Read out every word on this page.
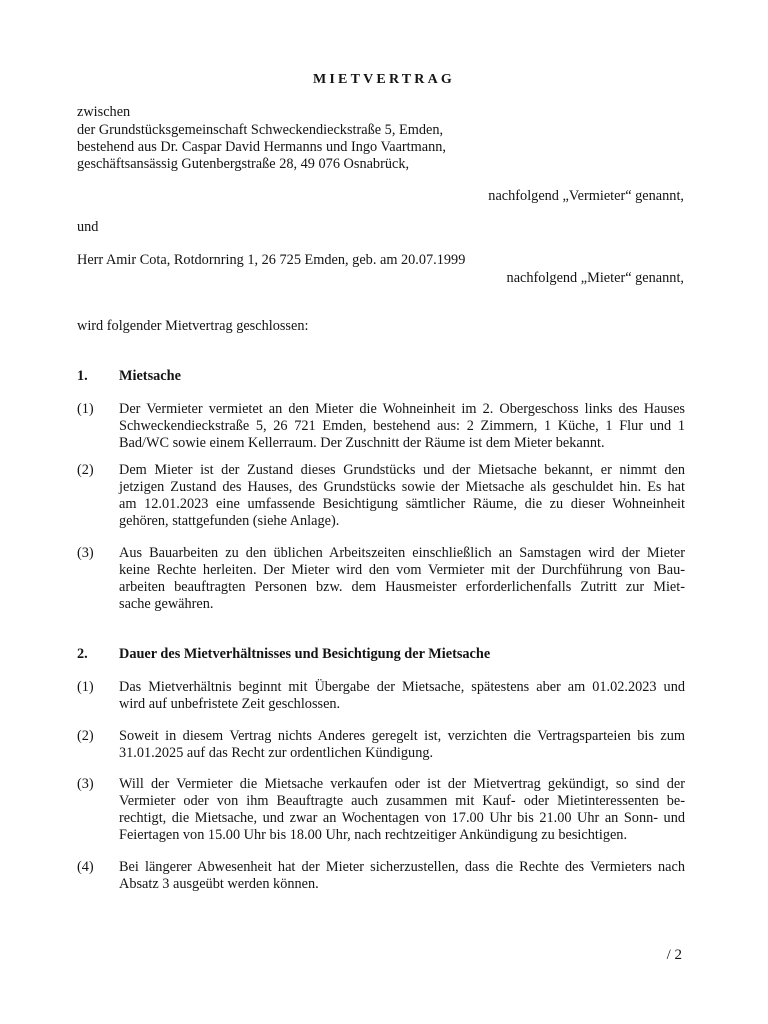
MIETVERTRAG
zwischen
der Grundstücksgemeinschaft Schweckendieckstraße 5, Emden,
bestehend aus Dr. Caspar David Hermanns und Ingo Vaartmann,
geschäftsansässig Gutenbergstraße 28, 49 076 Osnabrück,
nachfolgend „Vermieter“ genannt,
und
Herr Amir Cota, Rotdornring 1, 26 725 Emden, geb. am 20.07.1999
nachfolgend „Mieter“ genannt,
wird folgender Mietvertrag geschlossen:
1. Mietsache
(1) Der Vermieter vermietet an den Mieter die Wohneinheit im 2. Obergeschoss links des Hauses
Schweckendieckstraße 5, 26 721 Emden, bestehend aus: 2 Zimmern, 1 Küche, 1 Flur und 1
Bad/WC sowie einem Kellerraum. Der Zuschnitt der Räume ist dem Mieter bekannt.
(2) Dem Mieter ist der Zustand dieses Grundstücks und der Mietsache bekannt, er nimmt den
jetzigen Zustand des Hauses, des Grundstücks sowie der Mietsache als geschuldet hin. Es hat
am 12.01.2023 eine umfassende Besichtigung sämtlicher Räume, die zu dieser Wohneinheit
gehören, stattgefunden (siehe Anlage).
(3) Aus Bauarbeiten zu den üblichen Arbeitszeiten einschließlich an Samstagen wird der Mieter
keine Rechte herleiten. Der Mieter wird den vom Vermieter mit der Durchführung von Bau-
arbeiten beauftragten Personen bzw. dem Hausmeister erforderlichenfalls Zutritt zur Miet-
sache gewähren.
2. Dauer des Mietverhältnisses und Besichtigung der Mietsache
(1) Das Mietverhältnis beginnt mit Übergabe der Mietsache, spätestens aber am 01.02.2023 und
wird auf unbefristete Zeit geschlossen.
(2) Soweit in diesem Vertrag nichts Anderes geregelt ist, verzichten die Vertragsparteien bis zum
31.01.2025 auf das Recht zur ordentlichen Kündigung.
(3) Will der Vermieter die Mietsache verkaufen oder ist der Mietvertrag gekündigt, so sind der
Vermieter oder von ihm Beauftragte auch zusammen mit Kauf- oder Mietinteressenten be-
rechtigt, die Mietsache, und zwar an Wochentagen von 17.00 Uhr bis 21.00 Uhr an Sonn- und
Feiertagen von 15.00 Uhr bis 18.00 Uhr, nach rechtzeitiger Ankündigung zu besichtigen.
(4) Bei längerer Abwesenheit hat der Mieter sicherzustellen, dass die Rechte des Vermieters nach
Absatz 3 ausgeübt werden können.
/ 2
